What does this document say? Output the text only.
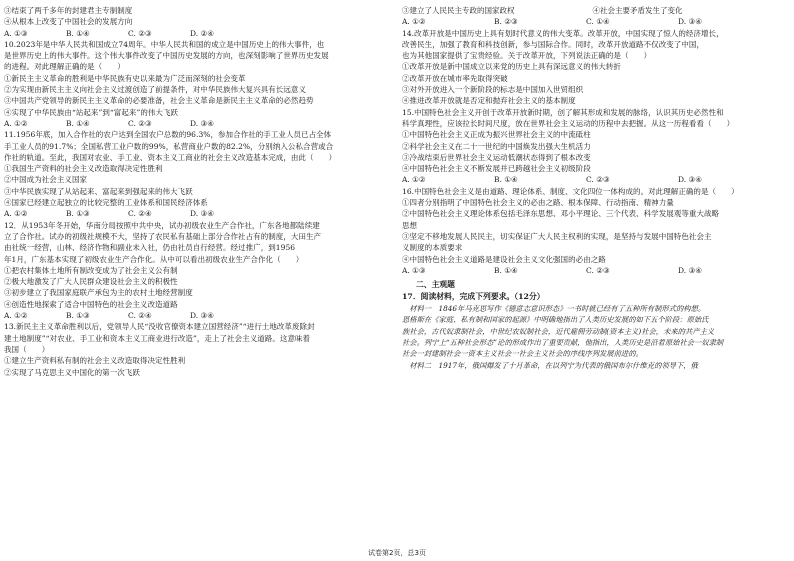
③结束了两千多年的封建君主专制制度
④从根本上改变了中国社会的发展方向
A. ①③	B. ①④	C. ②③	D. ②④
10.2023年是中华人民共和国成立74周年。中华人民共和国的成立是中国历史上的伟大事件，也
是世界历史上的伟大事件。这个伟大事件改变了中国历史发展的方向，也深刻影响了世界历史发展
的进程。对此理解正确的是（　　）
①新民主主义革命的胜利是中华民族有史以来最为广泛而深刻的社会变革
②为实现由新民主主义向社会主义过渡创造了前提条件，对中华民族伟大复兴具有长远意义
③中国共产党领导的新民主主义革命的必要准备，社会主义革命是新民主主义革命的必然趋势
④实现了中华民族由“站起来”到“富起来”的伟大飞跃
A. ①②	B. ①④	C. ②③	D. ③④
11.1956年底，加入合作社的农户达到全国农户总数的96.3%，参加合作社的手工业人员已占全体
手工业人员的91.7%；全国私营工业户数的99%，私营商业户数的82.2%，分别纳入公私合营或合
作社的轨道。至此，我国对农业、手工业、资本主义工商业的社会主义改造基本完成，由此（　　）
①我国生产资料的社会主义改造取得决定性胜利
②中国成为社会主义国家
③中华民族实现了从站起来、富起来到强起来的伟大飞跃
④国家已经建立起独立的比较完整的工业体系和国民经济体系
A. ①②	B. ①③	C. ②④	D. ③④
12．从1953年冬开始，华南分局按照中共中央，试办初级农业生产合作社，广东各地都陆续建
立了合作社。试办的初级社规模不大，坚持了农民私有基础上部分合作社占有的制度，大田生产
由社统一经营，山林、经济作物和副业未入社，仍由社员自行经营。经过推广，到1956
年1月，广东基本实现了初级农业生产合作化。从中可以看出初级农业生产合作化（　　）
①把农村集体土地所有制改变成为了社会主义公有制
②极大地激发了广大人民群众建设社会主义的积极性
③初步建立了我国家庭联产承包为主的农村土地经营制度
④创造性地探索了适合中国特色的社会主义改造道路
A. ①②	B. ①③	C. ②④	D. ③④
13.新民主主义革命胜利以后，党领导人民“没收官僚资本建立国营经济”“进行土地改革废除封
建土地制度”“对农业、手工业和资本主义工商业进行改造”，走上了社会主义道路。这意味着
我国（　　）
①建立生产资料私有制的社会主义改造取得决定性胜利
②实现了马克思主义中国化的第一次飞跃
③建立了人民民主专政的国家政权	④社会主要矛盾发生了变化
A. ①②	B. ②③	C. ①④	D. ③④
14.改革开放是中国历史上具有划时代意义的伟大变革。改革开放，中国实现了惊人的经济增长，
改善民生，加强了教育和科技创新，参与国际合作。同时，改革开放道路不仅改变了中国，
也为其他国家提供了宝贵经验。关于改革开放，下列说法正确的是（　　）
①改革开放是新中国成立以来党的历史上具有深远意义的伟大转折
②改革开放在城市率先取得突破
③对外开放进入一个新阶段的标志是中国加入世贸组织
④推进改革开放就是否定和抛弃社会主义的基本制度
15.中国特色社会主义开创于改革开放新时期，创了解其形成和发展的脉络，认识其历史必然性和
科学真理性，应该拉长时间尺度，放在世界社会主义运动的历程中去把握。从这一历程看看（　　）
①中国特色社会主义正成为振兴世界社会主义的中流砥柱
②科学社会主义在二十一世纪的中国焕发出强大生机活力
③冷战结束后世界社会主义运动低潮状态得到了根本改变
④中国特色社会主义不断发展并已跨越社会主义初级阶段
A. ①②	B. ①④	C. ②③	D. ③④
16.中国特色社会主义是由道路、理论体系、制度、文化四位一体构成的。对此理解正确的是（　　）
①四者分别指明了中国特色社会主义的必由之路、根本保障、行动指南、精神力量
②中国特色社会主义理论体系包括毛泽东思想、邓小平理论、三个代表、科学发展观等重大战略
思想
③坚定不移地发展人民民主，切实保证广大人民主权利的实现，是坚持与发展中国特色社会主
义制度的本质要求
④中国特色社会主义道路是建设社会主义文化强国的必由之路
A. ①③	B. ①④	C. ②③	D. ③④
二、主观题
17．阅读材料，完成下列要求。（12分）
　材料一　1846年马克思写作《德意志意识形态》一书时就已经有了五种所有制形式的构想。
恩格斯在《家庭、私有制和国家的起源》中明确地指出了人类历史发展的如下五个阶段：原始氏
族社会，古代奴隶制社会，中世纪农奴制社会，近代雇佣劳动制(资本主义)社会，未来的共产主义
社会。列宁上“五种社会形态”论的形成作出了重要贡献，他指出，人类历史是沿着原始社会一奴隶制
社会一封建制社会一资本主义社会一社会主义社会的序线序列发展前进的。
　材料二　1917年，俄国爆发了十月革命，在以列宁为代表的俄国布尔什维克的领导下，俄
试卷第2页，总3页
